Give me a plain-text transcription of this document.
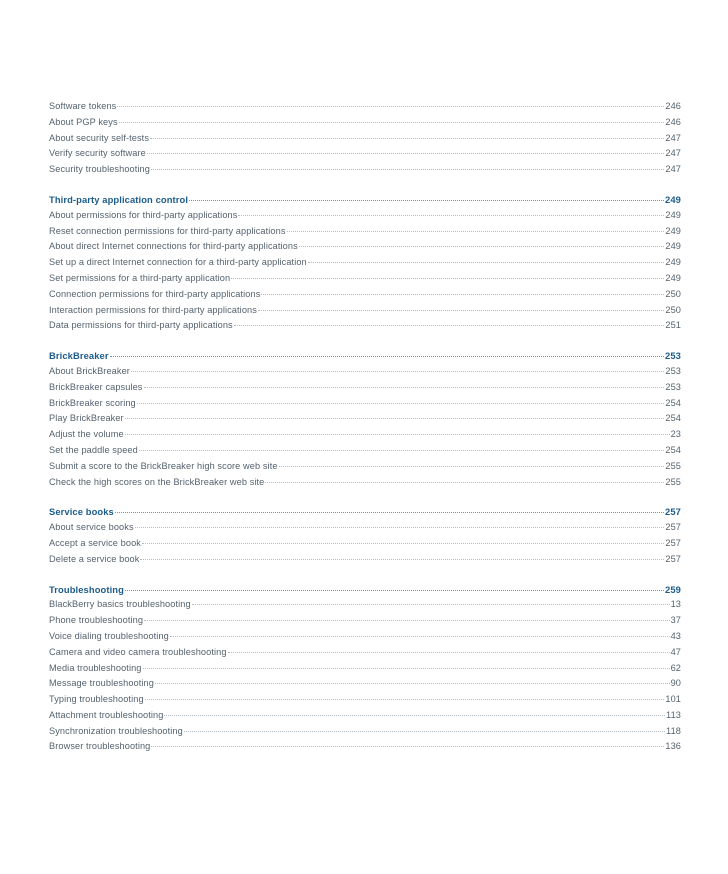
Software tokens	246
About PGP keys	246
About security self-tests	247
Verify security software	247
Security troubleshooting	247
Third-party application control	249
About permissions for third-party applications	249
Reset connection permissions for third-party applications	249
About direct Internet connections for third-party applications	249
Set up a direct Internet connection for a third-party application	249
Set permissions for a third-party application	249
Connection permissions for third-party applications	250
Interaction permissions for third-party applications	250
Data permissions for third-party applications	251
BrickBreaker	253
About BrickBreaker	253
BrickBreaker capsules	253
BrickBreaker scoring	254
Play BrickBreaker	254
Adjust the volume	23
Set the paddle speed	254
Submit a score to the BrickBreaker high score web site	255
Check the high scores on the BrickBreaker web site	255
Service books	257
About service books	257
Accept a service book	257
Delete a service book	257
Troubleshooting	259
BlackBerry basics troubleshooting	13
Phone troubleshooting	37
Voice dialing troubleshooting	43
Camera and video camera troubleshooting	47
Media troubleshooting	62
Message troubleshooting	90
Typing troubleshooting	101
Attachment troubleshooting	113
Synchronization troubleshooting	118
Browser troubleshooting	136
